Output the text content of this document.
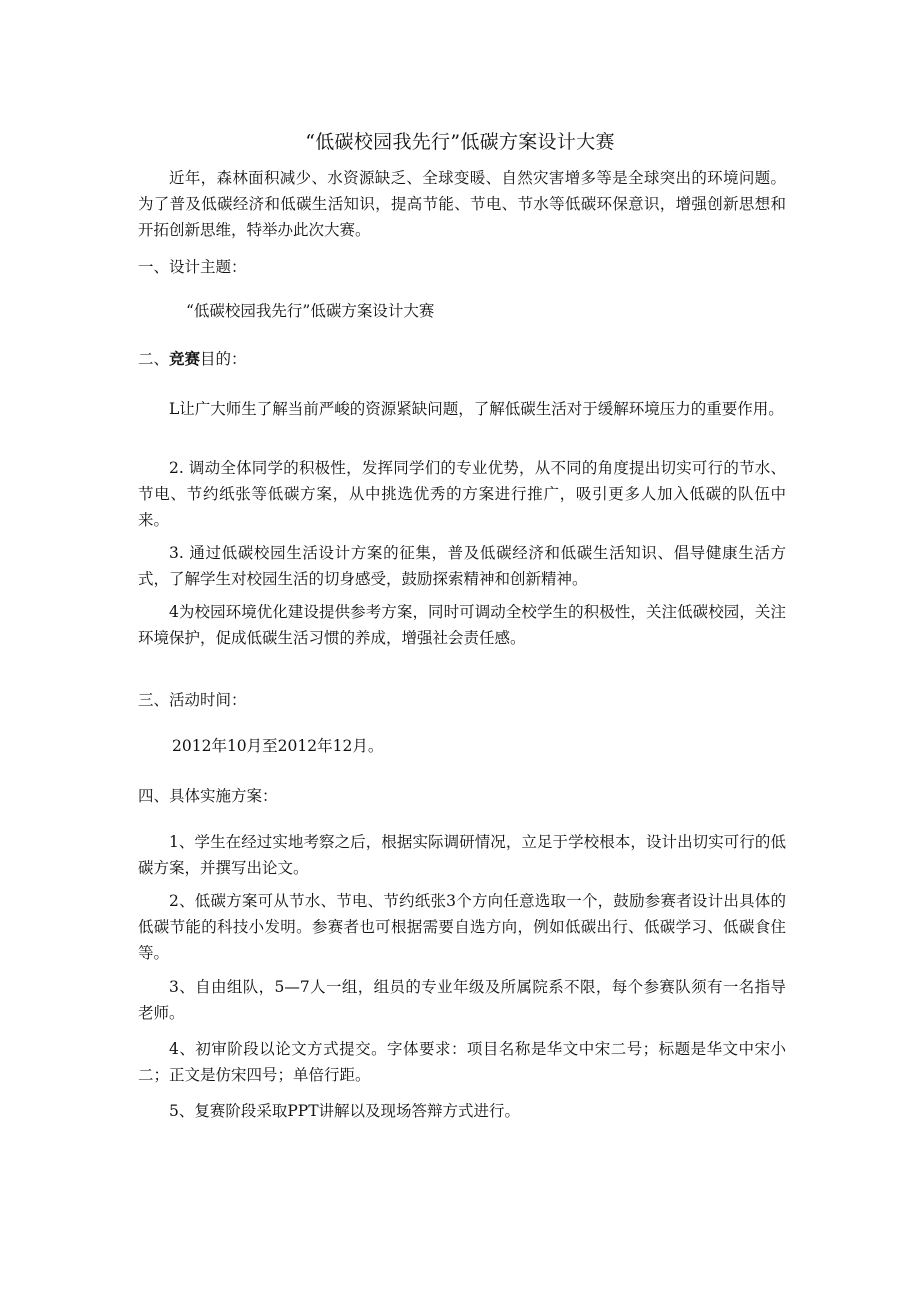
“低碳校园我先行”低碳方案设计大赛
近年，森林面积减少、水资源缺乏、全球变暖、自然灾害增多等是全球突出的环境问题。为了普及低碳经济和低碳生活知识，提高节能、节电、节水等低碳环保意识，增强创新思想和开拓创新思维，特举办此次大赛。
一、设计主题：
“低碳校园我先行”低碳方案设计大赛
二、竞赛目的：
L让广大师生了解当前严峻的资源紧缺问题，了解低碳生活对于缓解环境压力的重要作用。
2. 调动全体同学的积极性，发挥同学们的专业优势，从不同的角度提出切实可行的节水、节电、节约纸张等低碳方案，从中挑选优秀的方案进行推广，吸引更多人加入低碳的队伍中来。
3. 通过低碳校园生活设计方案的征集，普及低碳经济和低碳生活知识、倡导健康生活方式，了解学生对校园生活的切身感受，鼓励探索精神和创新精神。
4为校园环境优化建设提供参考方案，同时可调动全校学生的积极性，关注低碳校园，关注环境保护，促成低碳生活习惯的养成，增强社会责任感。
三、活动时间：
2012年10月至2012年12月。
四、具体实施方案：
1、学生在经过实地考察之后，根据实际调研情况，立足于学校根本，设计出切实可行的低碳方案，并撰写出论文。
2、低碳方案可从节水、节电、节约纸张3个方向任意选取一个，鼓励参赛者设计出具体的低碳节能的科技小发明。参赛者也可根据需要自选方向，例如低碳出行、低碳学习、低碳食住等。
3、自由组队，5—7人一组，组员的专业年级及所属院系不限，每个参赛队须有一名指导老师。
4、初审阶段以论文方式提交。字体要求：项目名称是华文中宋二号；标题是华文中宋小二；正文是仿宋四号；单倍行距。
5、复赛阶段采取PPT讲解以及现场答辩方式进行。
